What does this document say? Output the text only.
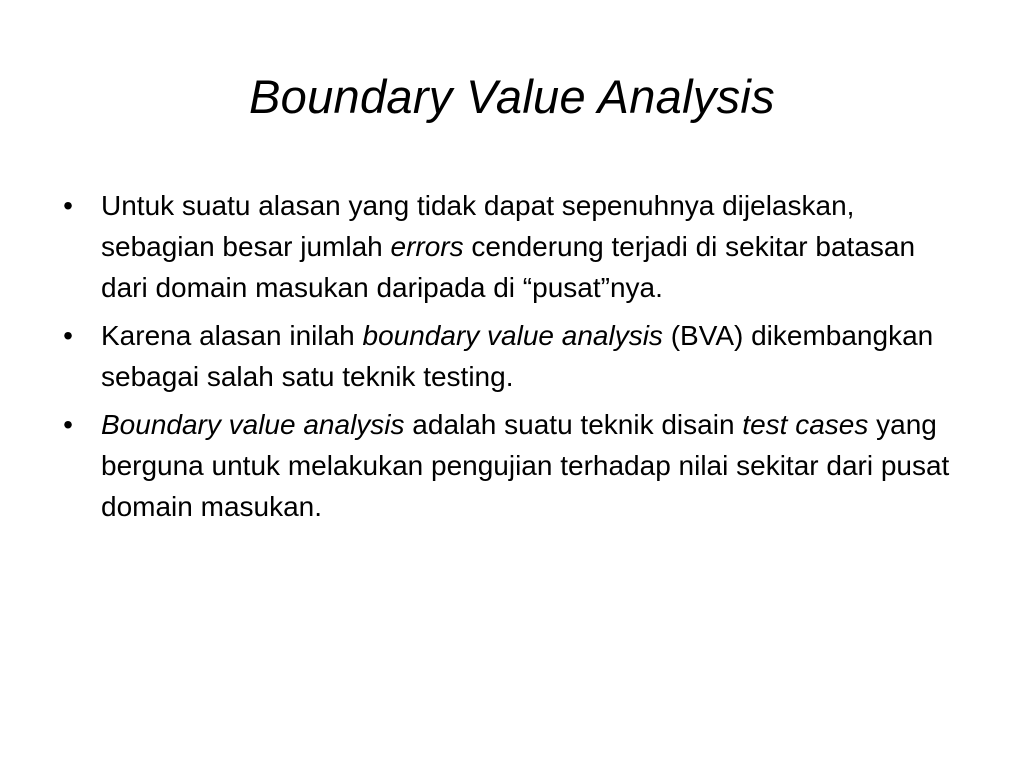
Boundary Value Analysis
• Untuk suatu alasan yang tidak dapat sepenuhnya dijelaskan, sebagian besar jumlah errors cenderung terjadi di sekitar batasan dari domain masukan daripada di “pusat”nya.
• Karena alasan inilah boundary value analysis (BVA) dikembangkan sebagai salah satu teknik testing.
• Boundary value analysis adalah suatu teknik disain test cases yang berguna untuk melakukan pengujian terhadap nilai sekitar dari pusat domain masukan.
